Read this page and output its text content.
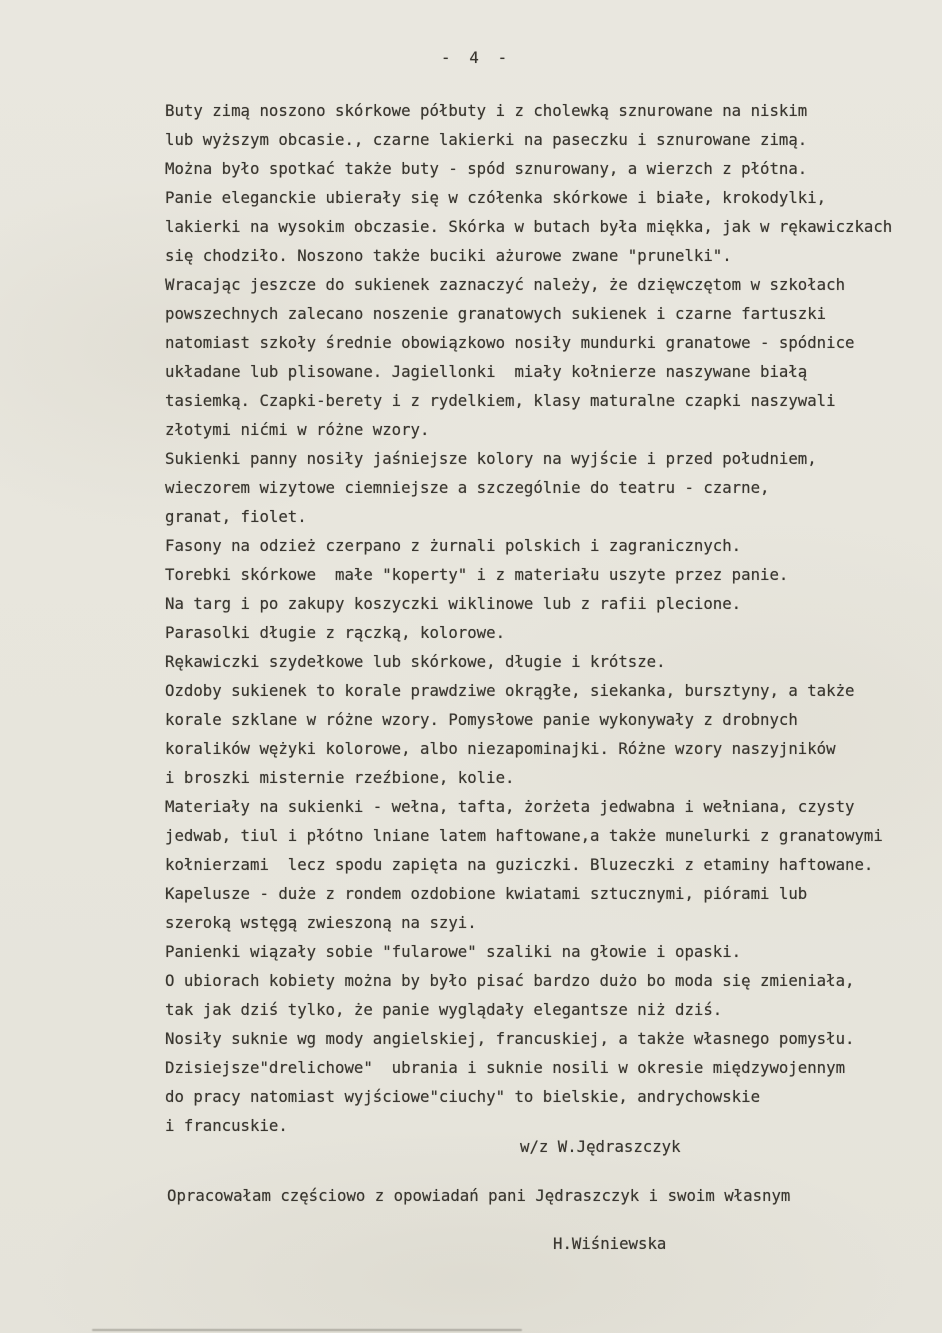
-  4  -
Buty zimą noszono skórkowe półbuty i z cholewką sznurowane na niskim
lub wyższym obcasie., czarne lakierki na paseczku i sznurowane zimą.
Można było spotkać także buty - spód sznurowany, a wierzch z płótna.
Panie eleganckie ubierały się w czółenka skórkowe i białe, krokodylki,
lakierki na wysokim obczasie. Skórka w butach była miękka, jak w rękawiczkach
się chodziło. Noszono także buciki ażurowe zwane "prunelki".
Wracając jeszcze do sukienek zaznaczyć należy, że dzięwczętom w szkołach
powszechnych zalecano noszenie granatowych sukienek i czarne fartuszki
natomiast szkoły średnie obowiązkowo nosiły mundurki granatowe - spódnice
układane lub plisowane. Jagiellonki  miały kołnierze naszywane białą
tasiemką. Czapki-berety i z rydelkiem, klasy maturalne czapki naszywali
złotymi nićmi w różne wzory.
Sukienki panny nosiły jaśniejsze kolory na wyjście i przed południem,
wieczorem wizytowe ciemniejsze a szczególnie do teatru - czarne,
granat, fiolet.
Fasony na odzież czerpano z żurnali polskich i zagranicznych.
Torebki skórkowe  małe "koperty" i z materiału uszyte przez panie.
Na targ i po zakupy koszyczki wiklinowe lub z rafii plecione.
Parasolki długie z rączką, kolorowe.
Rękawiczki szydełkowe lub skórkowe, długie i krótsze.
Ozdoby sukienek to korale prawdziwe okrągłe, siekanka, bursztyny, a także
korale szklane w różne wzory. Pomysłowe panie wykonywały z drobnych
koralików wężyki kolorowe, albo niezapominajki. Różne wzory naszyjników
i broszki misternie rzeźbione, kolie.
Materiały na sukienki - wełna, tafta, żorżeta jedwabna i wełniana, czysty
jedwab, tiul i płótno lniane latem haftowane,a także munelurki z granatowymi
kołnierzami  lecz spodu zapięta na guziczki. Bluzeczki z etaminy haftowane.
Kapelusze - duże z rondem ozdobione kwiatami sztucznymi, piórami lub
szeroką wstęgą zwieszoną na szyi.
Panienki wiązały sobie "fularowe" szaliki na głowie i opaski.
O ubiorach kobiety można by było pisać bardzo dużo bo moda się zmieniała,
tak jak dziś tylko, że panie wyglądały elegantsze niż dziś.
Nosiły suknie wg mody angielskiej, francuskiej, a także własnego pomysłu.
Dzisiejsze"drelichowe"  ubrania i suknie nosili w okresie międzywojennym
do pracy natomiast wyjściowe"ciuchy" to bielskie, andrychowskie
i francuskie.
w/z W.Jędraszczyk
Opracowałam częściowo z opowiadań pani Jędraszczyk i swoim własnym
H.Wiśniewska
